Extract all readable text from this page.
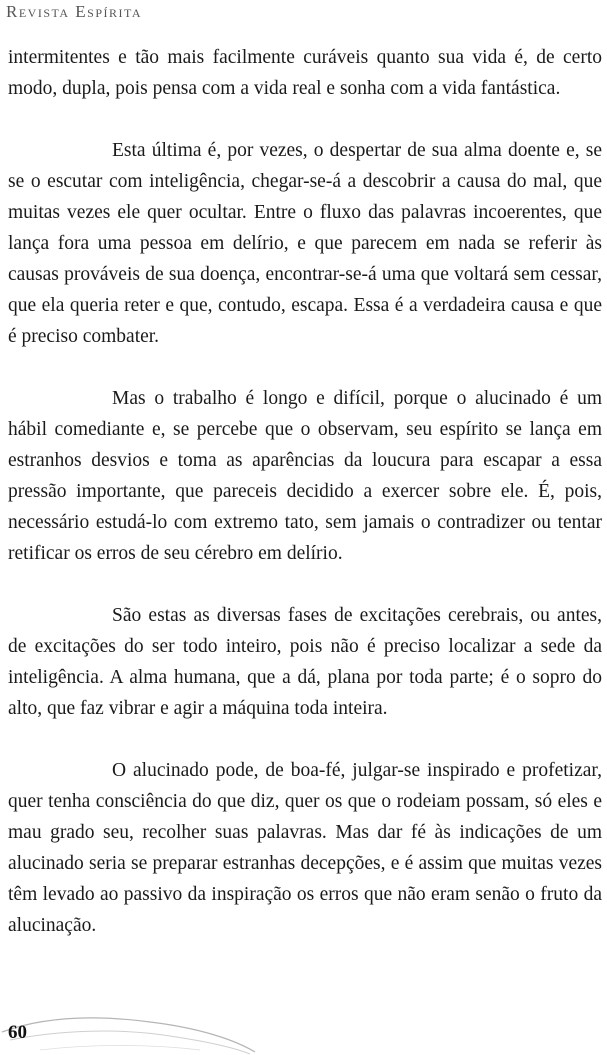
Revista Espírita

intermitentes e tão mais facilmente curáveis quanto sua vida é, de certo modo, dupla, pois pensa com a vida real e sonha com a vida fantástica.

Esta última é, por vezes, o despertar de sua alma doente e, se se o escutar com inteligência, chegar-se-á a descobrir a causa do mal, que muitas vezes ele quer ocultar. Entre o fluxo das palavras incoerentes, que lança fora uma pessoa em delírio, e que parecem em nada se referir às causas prováveis de sua doença, encontrar-se-á uma que voltará sem cessar, que ela queria reter e que, contudo, escapa. Essa é a verdadeira causa e que é preciso combater.

Mas o trabalho é longo e difícil, porque o alucinado é um hábil comediante e, se percebe que o observam, seu espírito se lança em estranhos desvios e toma as aparências da loucura para escapar a essa pressão importante, que pareceis decidido a exercer sobre ele. É, pois, necessário estudá-lo com extremo tato, sem jamais o contradizer ou tentar retificar os erros de seu cérebro em delírio.

São estas as diversas fases de excitações cerebrais, ou antes, de excitações do ser todo inteiro, pois não é preciso localizar a sede da inteligência. A alma humana, que a dá, plana por toda parte; é o sopro do alto, que faz vibrar e agir a máquina toda inteira.

O alucinado pode, de boa-fé, julgar-se inspirado e profetizar, quer tenha consciência do que diz, quer os que o rodeiam possam, só eles e mau grado seu, recolher suas palavras. Mas dar fé às indicações de um alucinado seria se preparar estranhas decepções, e é assim que muitas vezes têm levado ao passivo da inspiração os erros que não eram senão o fruto da alucinação.

60
